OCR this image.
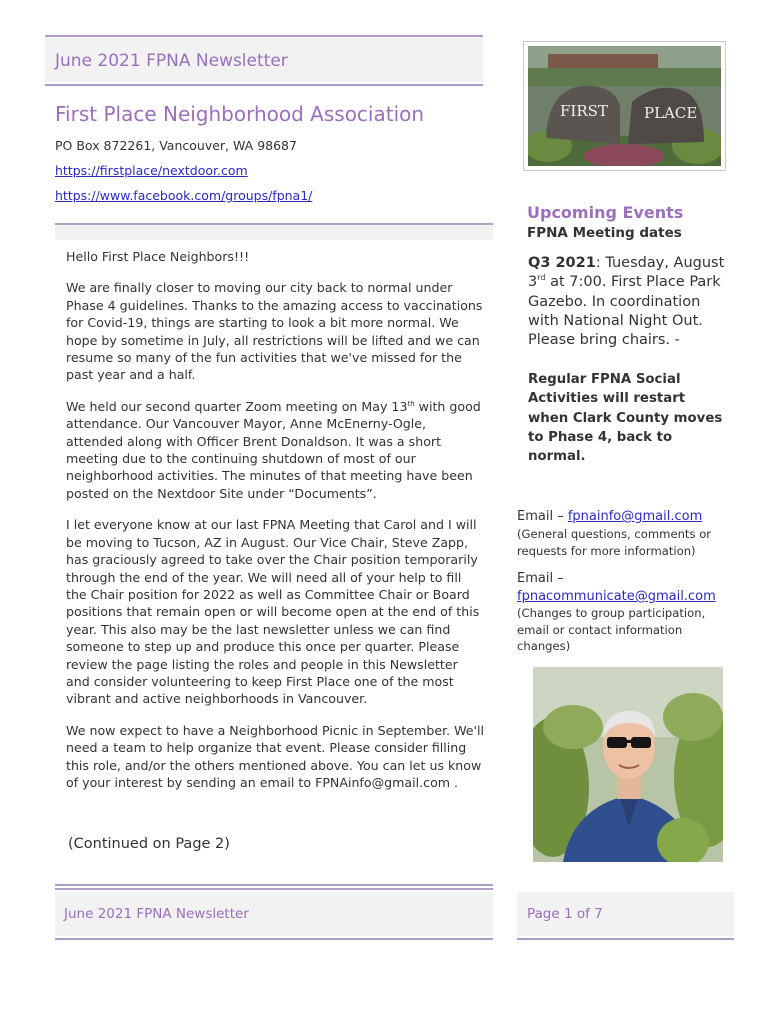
June 2021 FPNA Newsletter
First Place Neighborhood Association
PO Box 872261, Vancouver, WA 98687
https://firstplace/nextdoor.com
https://www.facebook.com/groups/fpna1/

Hello First Place Neighbors!!!

We are finally closer to moving our city back to normal under Phase 4 guidelines. Thanks to the amazing access to vaccinations for Covid-19, things are starting to look a bit more normal. We hope by sometime in July, all restrictions will be lifted and we can resume so many of the fun activities that we've missed for the past year and a half.

We held our second quarter Zoom meeting on May 13th with good attendance. Our Vancouver Mayor, Anne McEnerny-Ogle, attended along with Officer Brent Donaldson. It was a short meeting due to the continuing shutdown of most of our neighborhood activities. The minutes of that meeting have been posted on the Nextdoor Site under “Documents”.

I let everyone know at our last FPNA Meeting that Carol and I will be moving to Tucson, AZ in August. Our Vice Chair, Steve Zapp, has graciously agreed to take over the Chair position temporarily through the end of the year. We will need all of your help to fill the Chair position for 2022 as well as Committee Chair or Board positions that remain open or will become open at the end of this year. This also may be the last newsletter unless we can find someone to step up and produce this once per quarter. Please review the page listing the roles and people in this Newsletter and consider volunteering to keep First Place one of the most vibrant and active neighborhoods in Vancouver.

We now expect to have a Neighborhood Picnic in September. We'll need a team to help organize that event. Please consider filling this role, and/or the others mentioned above. You can let us know of your interest by sending an email to FPNAinfo@gmail.com .

(Continued on Page 2)
FIRST PLACE
Upcoming Events
FPNA Meeting dates
Q3 2021: Tuesday, August 3rd at 7:00. First Place Park Gazebo. In coordination with National Night Out. Please bring chairs. -
Regular FPNA Social Activities will restart when Clark County moves to Phase 4, back to normal.
Email – fpnainfo@gmail.com
(General questions, comments or requests for more information)
Email –
fpnacommunicate@gmail.com
(Changes to group participation, email or contact information changes)
June 2021 FPNA Newsletter	Page 1 of 7
